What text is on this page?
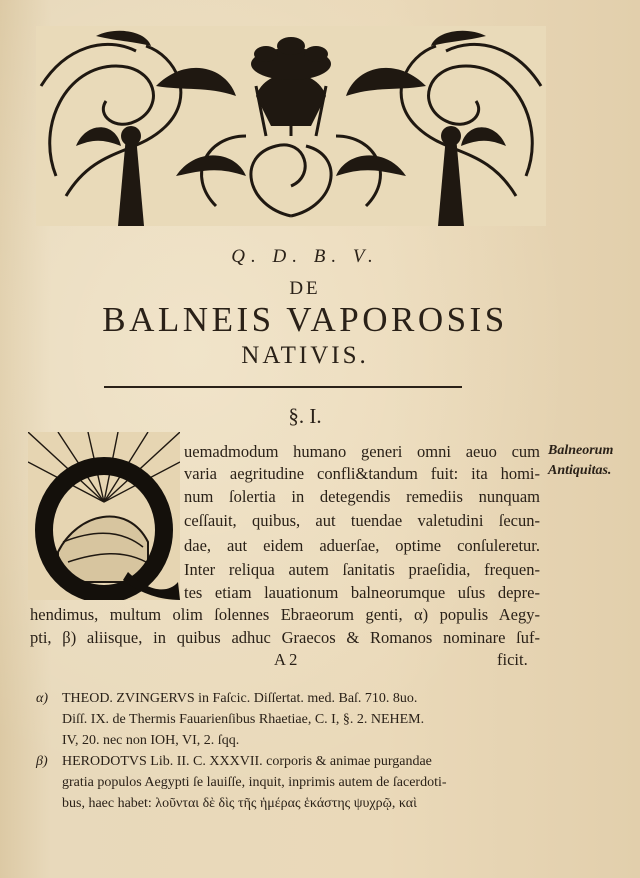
Q. D. B. V.
DE
BALNEIS VAPOROSIS
NATIVIS.
§. I.
Balneorum
Antiquitas.
uemadmodum humano generi omni aeuo cum
varia aegritudine confli&tandum fuit: ita homi-
num ſolertia in detegendis remediis nunquam
ceſſauit, quibus, aut tuendae valetudini ſecun-
dae, aut eidem aduerſae, optime conſuleretur.
Inter reliqua autem ſanitatis praeſidia, frequen-
tes etiam lauationum balneorumque uſus depre-
hendimus, multum olim ſolennes Ebraeorum genti, α) populis Aegy-
pti, β) aliisque, in quibus adhuc Graecos & Romanos nominare ſuf-
A 2	ficit.
α) THEOD. ZVINGERVS in Faſcic. Diſſertat. med. Baſ. 710. 8uo.
Diſſ. IX. de Thermis Fauarienſibus Rhaetiae, C. I, §. 2. NEHEM.
IV, 20. nec non IOH, VI, 2. ſqq.
β) HERODOTVS Lib. II. C. XXXVII. corporis & animae purgandae
gratia populos Aegypti ſe lauiſſe, inquit, inprimis autem de ſacerdoti-
bus, haec habet: λοῦνται δὲ δὶς τῆς ἡμέρας ἑκάστης ψυχρῷ, καὶ
